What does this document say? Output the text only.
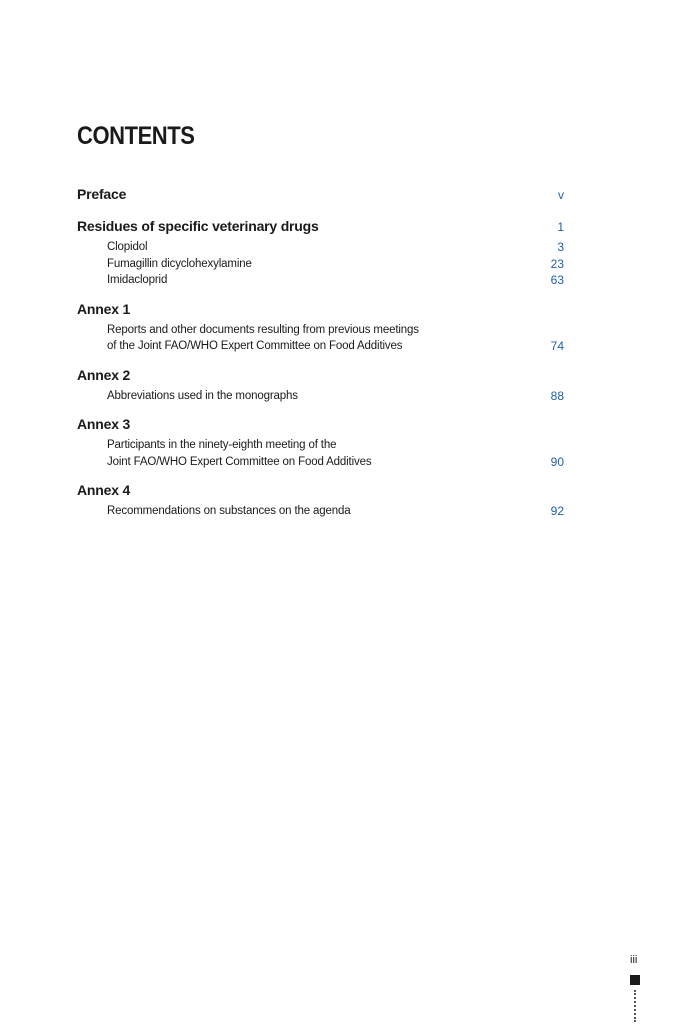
CONTENTS
Preface	v
Residues of specific veterinary drugs	1
Clopidol	3
Fumagillin dicyclohexylamine	23
Imidacloprid	63
Annex 1
Reports and other documents resulting from previous meetings
of the Joint FAO/WHO Expert Committee on Food Additives	74
Annex 2
Abbreviations used in the monographs	88
Annex 3
Participants in the ninety-eighth meeting of the
Joint FAO/WHO Expert Committee on Food Additives	90
Annex 4
Recommendations on substances on the agenda	92
iii
